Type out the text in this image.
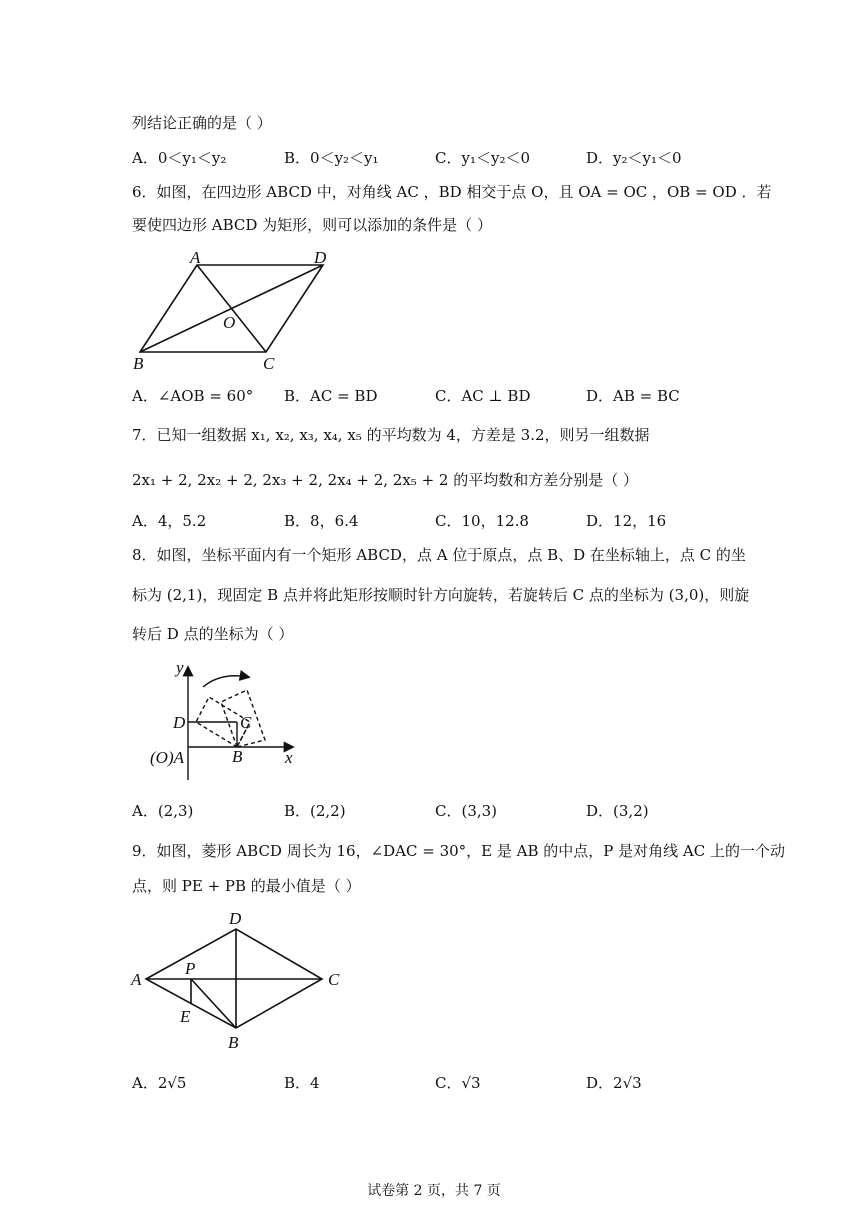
列结论正确的是（ ）
A．0＜y₁＜y₂	B．0＜y₂＜y₁	C．y₁＜y₂＜0	D．y₂＜y₁＜0
6．如图，在四边形 ABCD 中，对角线 AC ，BD 相交于点 O，且 OA = OC ，OB = OD ．若
要使四边形 ABCD 为矩形，则可以添加的条件是（ ）
A	D
O
B	C
A．∠AOB = 60° B．AC = BD	C．AC ⊥ BD	D．AB = BC
7．已知一组数据 x₁, x₂, x₃, x₄, x₅ 的平均数为 4，方差是 3.2，则另一组数据
2x₁ + 2, 2x₂ + 2, 2x₃ + 2, 2x₄ + 2, 2x₅ + 2 的平均数和方差分别是（ ）
A．4，5.2	B．8，6.4	C．10，12.8	D．12，16
8．如图，坐标平面内有一个矩形 ABCD，点 A 位于原点，点 B、D 在坐标轴上，点 C 的坐
标为 (2,1)，现固定 B 点并将此矩形按顺时针方向旋转，若旋转后 C 点的坐标为 (3,0)，则旋
转后 D 点的坐标为（ ）
y
x
D	C
B
(O)A
A．(2,3)	B．(2,2)	C．(3,3)	D．(3,2)
9．如图，菱形 ABCD 周长为 16，∠DAC = 30°，E 是 AB 的中点，P 是对角线 AC 上的一个动
点，则 PE + PB 的最小值是（ ）
D
A
P
C
E
B
A．2√5	B．4	C．√3	D．2√3
试卷第 2 页，共 7 页
